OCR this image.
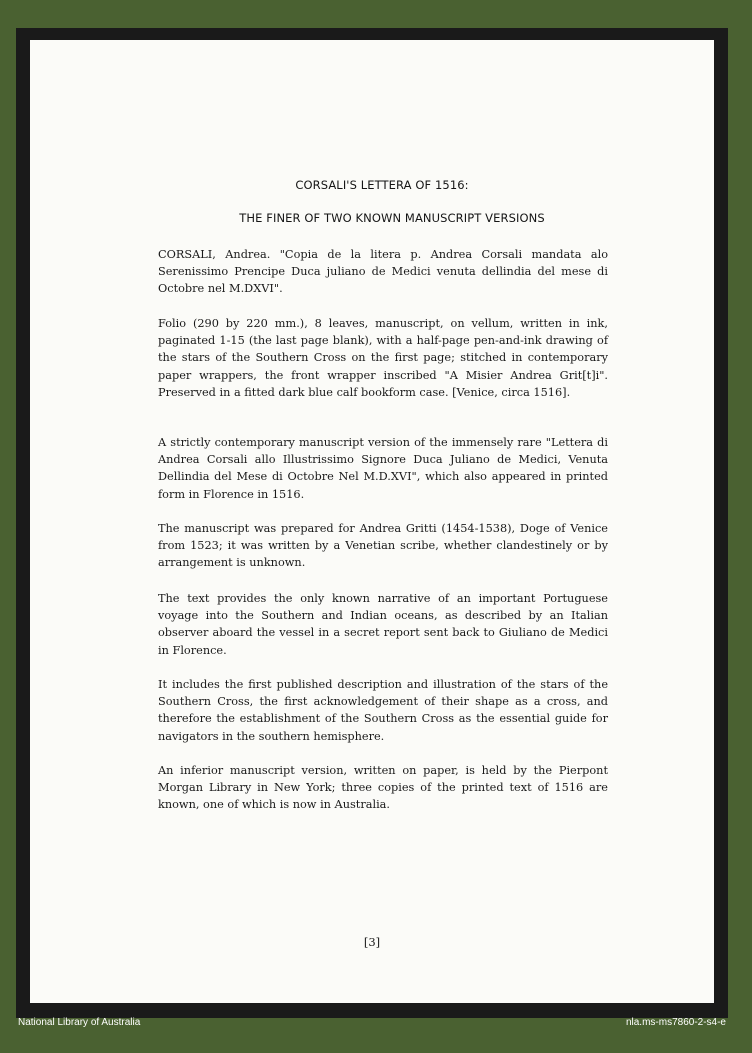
CORSALI'S LETTERA OF 1516:
THE FINER OF TWO KNOWN MANUSCRIPT VERSIONS

CORSALI, Andrea. "Copia de la litera p. Andrea Corsali mandata alo Serenissimo Prencipe Duca juliano de Medici venuta dellindia del mese di Octobre nel M.DXVI".

Folio (290 by 220 mm.), 8 leaves, manuscript, on vellum, written in ink, paginated 1-15 (the last page blank), with a half-page pen-and-ink drawing of the stars of the Southern Cross on the first page; stitched in contemporary paper wrappers, the front wrapper inscribed "A Misier Andrea Grit[t]i". Preserved in a fitted dark blue calf bookform case. [Venice, circa 1516].

A strictly contemporary manuscript version of the immensely rare "Lettera di Andrea Corsali allo Illustrissimo Signore Duca Juliano de Medici, Venuta Dellindia del Mese di Octobre Nel M.D.XVI", which also appeared in printed form in Florence in 1516.

The manuscript was prepared for Andrea Gritti (1454-1538), Doge of Venice from 1523; it was written by a Venetian scribe, whether clandestinely or by arrangement is unknown.

The text provides the only known narrative of an important Portuguese voyage into the Southern and Indian oceans, as described by an Italian observer aboard the vessel in a secret report sent back to Giuliano de Medici in Florence.

It includes the first published description and illustration of the stars of the Southern Cross, the first acknowledgement of their shape as a cross, and therefore the establishment of the Southern Cross as the essential guide for navigators in the southern hemisphere.

An inferior manuscript version, written on paper, is held by the Pierpont Morgan Library in New York; three copies of the printed text of 1516 are known, one of which is now in Australia.

[3]
National Library of Australia	nla.ms-ms7860-2-s4-e
